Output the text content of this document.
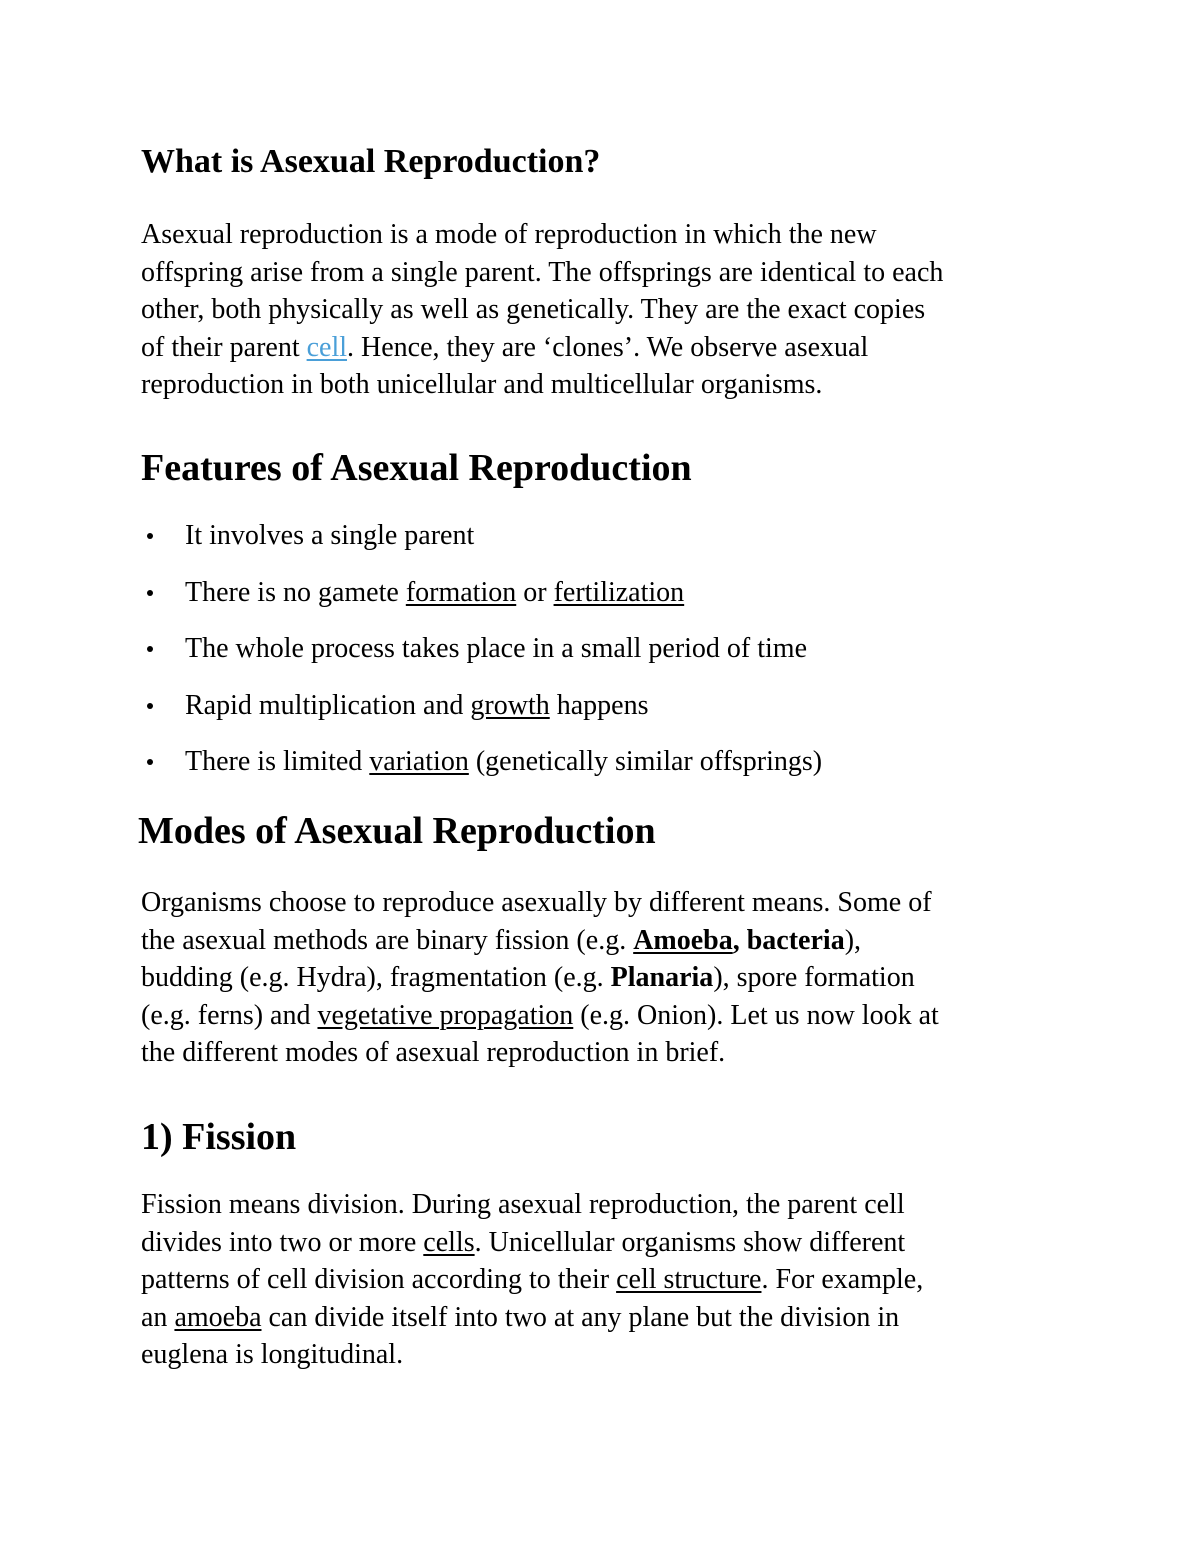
What is Asexual Reproduction?

Asexual reproduction is a mode of reproduction in which the new
offspring arise from a single parent. The offsprings are identical to each
other, both physically as well as genetically. They are the exact copies
of their parent cell. Hence, they are ‘clones’. We observe asexual
reproduction in both unicellular and multicellular organisms.

Features of Asexual Reproduction
It involves a single parent
There is no gamete formation or fertilization
The whole process takes place in a small period of time
Rapid multiplication and growth happens
There is limited variation (genetically similar offsprings)
Modes of Asexual Reproduction

Organisms choose to reproduce asexually by different means. Some of
the asexual methods are binary fission (e.g. Amoeba, bacteria),
budding (e.g. Hydra), fragmentation (e.g. Planaria), spore formation
(e.g. ferns) and vegetative propagation (e.g. Onion). Let us now look at
the different modes of asexual reproduction in brief.

1) Fission

Fission means division. During asexual reproduction, the parent cell
divides into two or more cells. Unicellular organisms show different
patterns of cell division according to their cell structure. For example,
an amoeba can divide itself into two at any plane but the division in
euglena is longitudinal.
